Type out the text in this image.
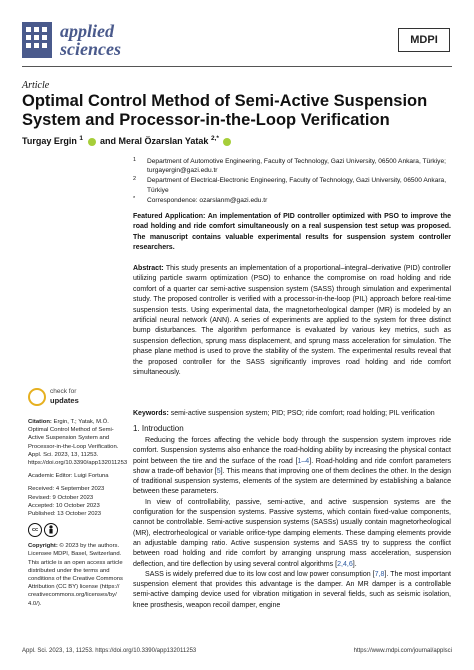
applied
sciences	MDPI
Article
Optimal Control Method of Semi-Active Suspension System and Processor-in-the-Loop Verification
Turgay Ergin $^1$ and Meral Özarslan Yatak $^{2,*}$
1 Department of Automotive Engineering, Faculty of Technology, Gazi University, 06500 Ankara, Türkiye; turgayergin@gazi.edu.tr
2 Department of Electrical-Electronic Engineering, Faculty of Technology, Gazi University, 06500 Ankara, Türkiye
* Correspondence: ozarslanm@gazi.edu.tr
Featured Application: An implementation of PID controller optimized with PSO to improve the road holding and ride comfort simultaneously on a real suspension test setup was proposed. The manuscript contains valuable experimental results for suspension system controller researchers.
Abstract: This study presents an implementation of a proportional–integral–derivative (PID) controller utilizing particle swarm optimization (PSO) to enhance the compromise on road holding and ride comfort of a quarter car semi-active suspension system (SASS) through simulation and experimental study. The proposed controller is verified with a processor-in-the-loop (PIL) approach before real-time suspension tests. Using experimental data, the magnetorheological damper (MR) is modeled by an artificial neural network (ANN). A series of experiments are applied to the system for three distinct bump disturbances. The algorithm performance is evaluated by various key metrics, such as suspension deflection, sprung mass displacement, and sprung mass acceleration for simulation. The phase plane method is used to prove the stability of the system. The experimental results reveal that the proposed controller for the SASS significantly improves road holding and ride comfort simultaneously.
Keywords: semi-active suspension system; PID; PSO; ride comfort; road holding; PIL verification
check for
updates
Citation: Ergin, T.; Yatak, M.Ö. Optimal Control Method of Semi-Active Suspension System and Processor-in-the-Loop Verification. Appl. Sci. 2023, 13, 11253. https://doi.org/10.3390/app132011253
Academic Editor: Luigi Fortuna
Received: 4 September 2023
Revised: 9 October 2023
Accepted: 10 October 2023
Published: 13 October 2023
cc
Copyright: © 2023 by the authors. Licensee MDPI, Basel, Switzerland. This article is an open access article distributed under the terms and conditions of the Creative Commons Attribution (CC BY) license (https:// creativecommons.org/licenses/by/ 4.0/).
1. Introduction

Reducing the forces affecting the vehicle body through the suspension system improves ride comfort. Suspension systems also enhance the road-holding ability by increasing the physical contact point between the tire and the surface of the road [1–4]. Road-holding and ride comfort parameters show a trade-off behavior [5]. This means that improving one of them declines the other. In the design of traditional suspension systems, elements of the system are determined by establishing a balance between these parameters.

In view of controllability, passive, semi-active, and active suspension systems are the configuration for the suspension systems. Passive systems, which contain fixed-value components, cannot be controllable. Semi-active suspension systems (SASSs) usually contain magnetorheological (MR), electrorheological or variable orifice-type damping elements. These damping elements provide an adjustable damping ratio. Active suspension systems and SASS try to suppress the conflict between road holding and ride comfort by arranging unsprung mass acceleration, suspension deflection, and tire deflection by using several control algorithms [2,4,6].

SASS is widely preferred due to its low cost and low power consumption [7,8]. The most important suspension element that provides this advantage is the damper. An MR damper is a controllable semi-active damping device used for vibration mitigation in several fields, such as seismic isolation, knee prosthesis, weapon recoil damper, engine

Appl. Sci. 2023, 13, 11253. https://doi.org/10.3390/app132011253	https://www.mdpi.com/journal/applsci
